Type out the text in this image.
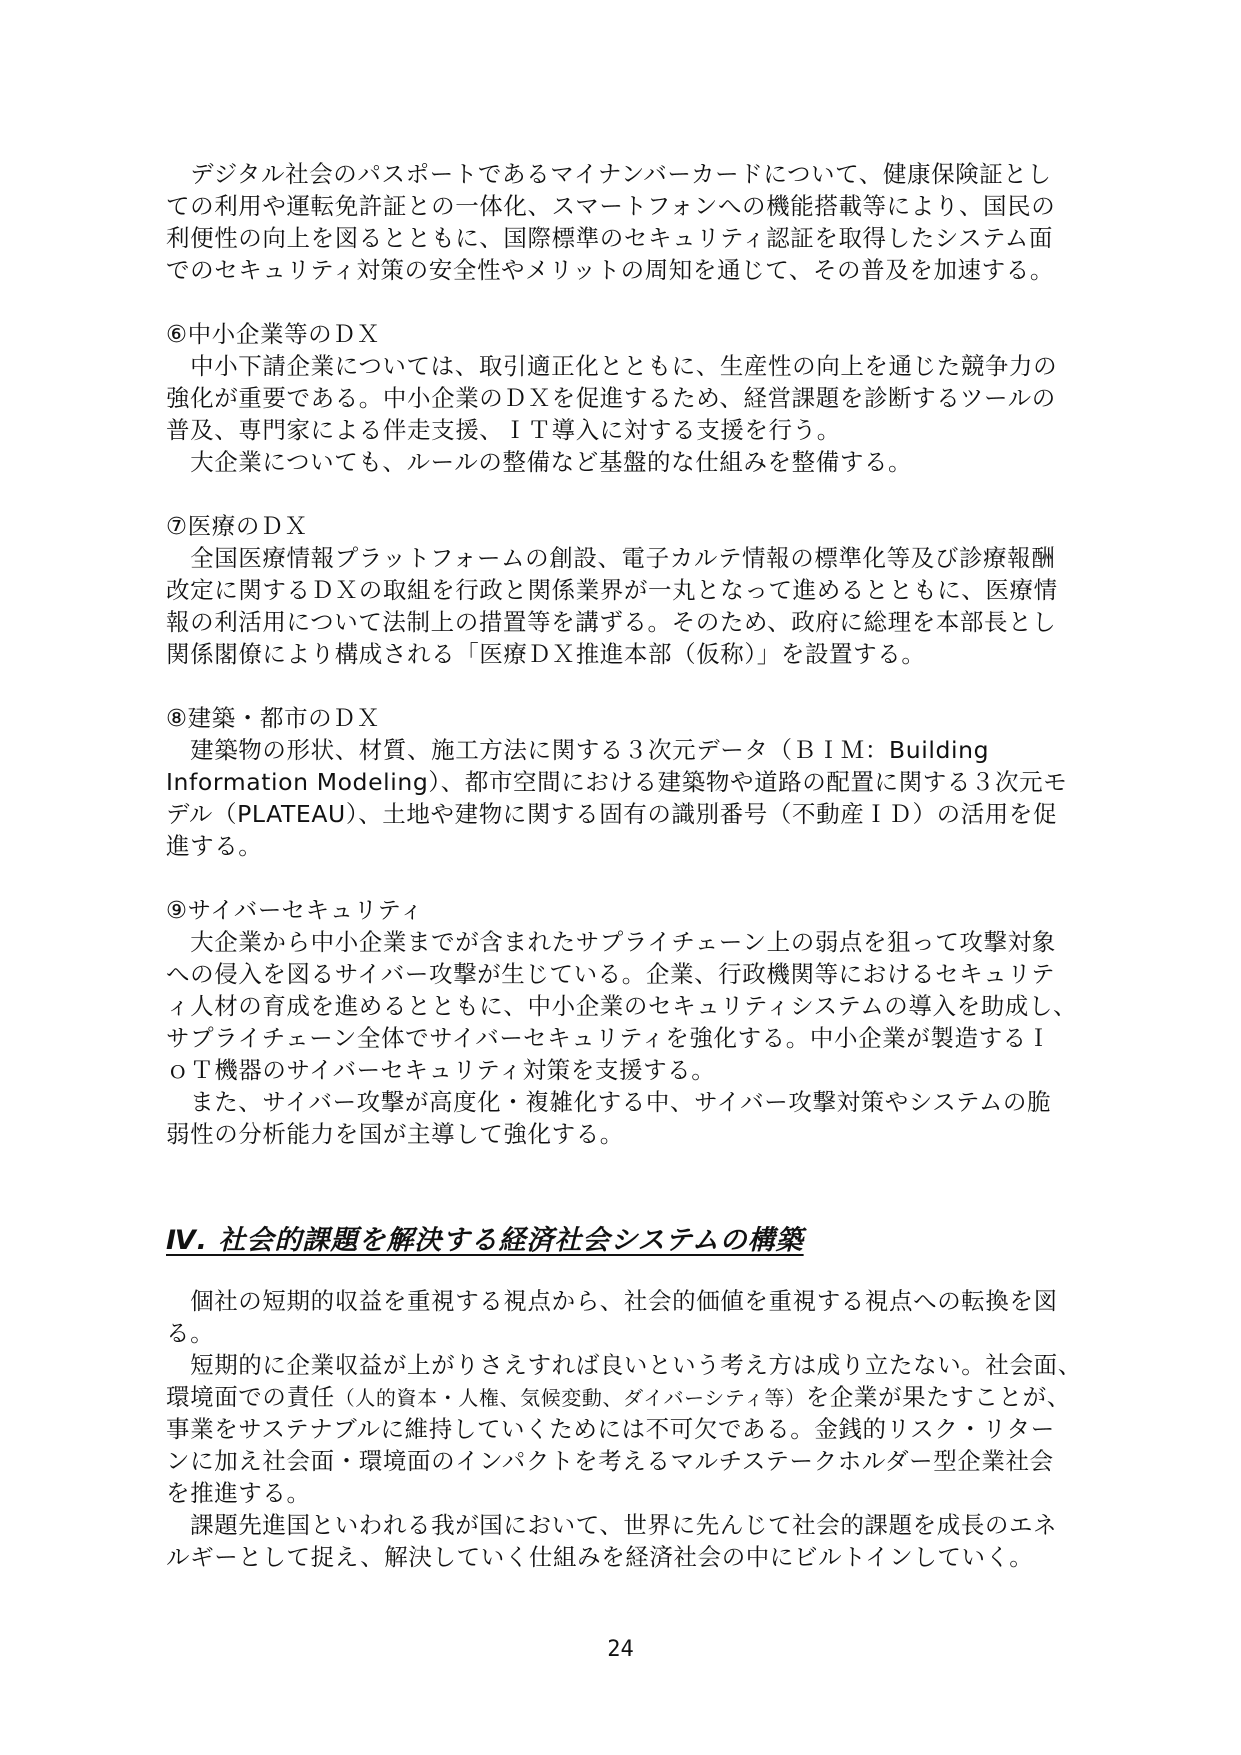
　デジタル社会のパスポートであるマイナンバーカードについて、健康保険証とし
ての利用や運転免許証との一体化、スマートフォンへの機能搭載等により、国民の
利便性の向上を図るとともに、国際標準のセキュリティ認証を取得したシステム面
でのセキュリティ対策の安全性やメリットの周知を通じて、その普及を加速する。
⑥中小企業等のＤＸ
　中小下請企業については、取引適正化とともに、生産性の向上を通じた競争力の
強化が重要である。中小企業のＤＸを促進するため、経営課題を診断するツールの
普及、専門家による伴走支援、ＩＴ導入に対する支援を行う。
　大企業についても、ルールの整備など基盤的な仕組みを整備する。
⑦医療のＤＸ
　全国医療情報プラットフォームの創設、電子カルテ情報の標準化等及び診療報酬
改定に関するＤＸの取組を行政と関係業界が一丸となって進めるとともに、医療情
報の利活用について法制上の措置等を講ずる。そのため、政府に総理を本部長とし
関係閣僚により構成される「医療ＤＸ推進本部（仮称）」を設置する。
⑧建築・都市のＤＸ
　建築物の形状、材質、施工方法に関する３次元データ（ＢＩＭ：Building
Information Modeling）、都市空間における建築物や道路の配置に関する３次元モ
デル（PLATEAU）、土地や建物に関する固有の識別番号（不動産ＩＤ）の活用を促
進する。
⑨サイバーセキュリティ
　大企業から中小企業までが含まれたサプライチェーン上の弱点を狙って攻撃対象
への侵入を図るサイバー攻撃が生じている。企業、行政機関等におけるセキュリテ
ィ人材の育成を進めるとともに、中小企業のセキュリティシステムの導入を助成し、
サプライチェーン全体でサイバーセキュリティを強化する。中小企業が製造するＩ
ｏＴ機器のサイバーセキュリティ対策を支援する。
　また、サイバー攻撃が高度化・複雑化する中、サイバー攻撃対策やシステムの脆
弱性の分析能力を国が主導して強化する。
Ⅳ. 社会的課題を解決する経済社会システムの構築
　個社の短期的収益を重視する視点から、社会的価値を重視する視点への転換を図
る。
　短期的に企業収益が上がりさえすれば良いという考え方は成り立たない。社会面、
環境面での責任（人的資本・人権、気候変動、ダイバーシティ等）を企業が果たすことが、
事業をサステナブルに維持していくためには不可欠である。金銭的リスク・リター
ンに加え社会面・環境面のインパクトを考えるマルチステークホルダー型企業社会
を推進する。
　課題先進国といわれる我が国において、世界に先んじて社会的課題を成長のエネ
ルギーとして捉え、解決していく仕組みを経済社会の中にビルトインしていく。
24
